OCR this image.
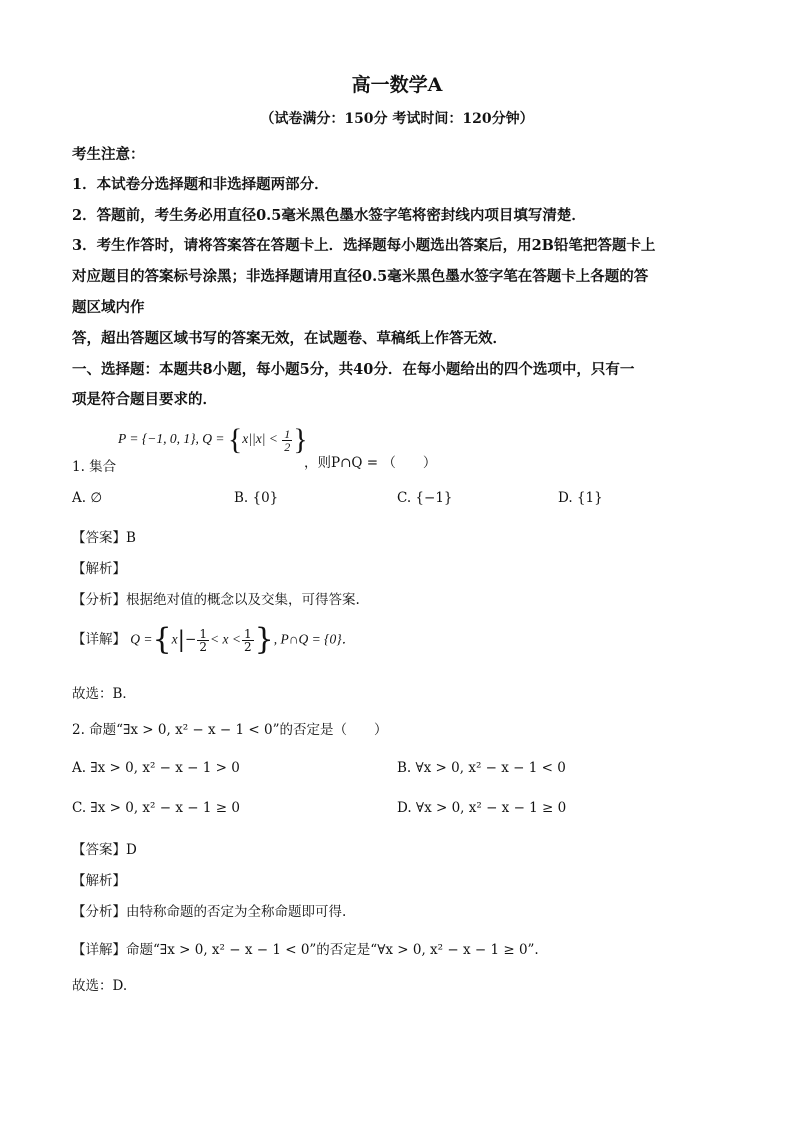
高一数学A
（试卷满分：150分 考试时间：120分钟）
考生注意：
1．本试卷分选择题和非选择题两部分．
2．答题前，考生务必用直径0.5毫米黑色墨水签字笔将密封线内项目填写清楚．
3．考生作答时，请将答案答在答题卡上．选择题每小题选出答案后，用2B铅笔把答题卡上
对应题目的答案标号涂黑；非选择题请用直径0.5毫米黑色墨水签字笔在答题卡上各题的答
题区域内作
答，超出答题区域书写的答案无效，在试题卷、草稿纸上作答无效．
一、选择题：本题共8小题，每小题5分，共40分．在每小题给出的四个选项中，只有一
项是符合题目要求的．
P = {−1, 0, 1}, $Q = \{x||x| < \frac{1}{2}$ }
1. 集合	，则P∩Q = （　　）
A. ∅	B. {0}	C. {−1}	D. {1}
【答案】B
【解析】
【分析】根据绝对值的概念以及交集，可得答案.
【详解】 $Q =\{x|- \frac{1}{2} < x < \frac{1}{2}$ }, P∩Q = {0}．
故选：B．
2. 命题“∃x > 0, x² − x − 1 < 0”的否定是（　　）
A. ∃x > 0, x² − x − 1 > 0	B. ∀x > 0, x² − x − 1 < 0
C. ∃x > 0, x² − x − 1 ≥ 0	D. ∀x > 0, x² − x − 1 ≥ 0
【答案】D
【解析】
【分析】由特称命题的否定为全称命题即可得.
【详解】命题“∃x > 0, x² − x − 1 < 0”的否定是“∀x > 0, x² − x − 1 ≥ 0”.
故选：D.
